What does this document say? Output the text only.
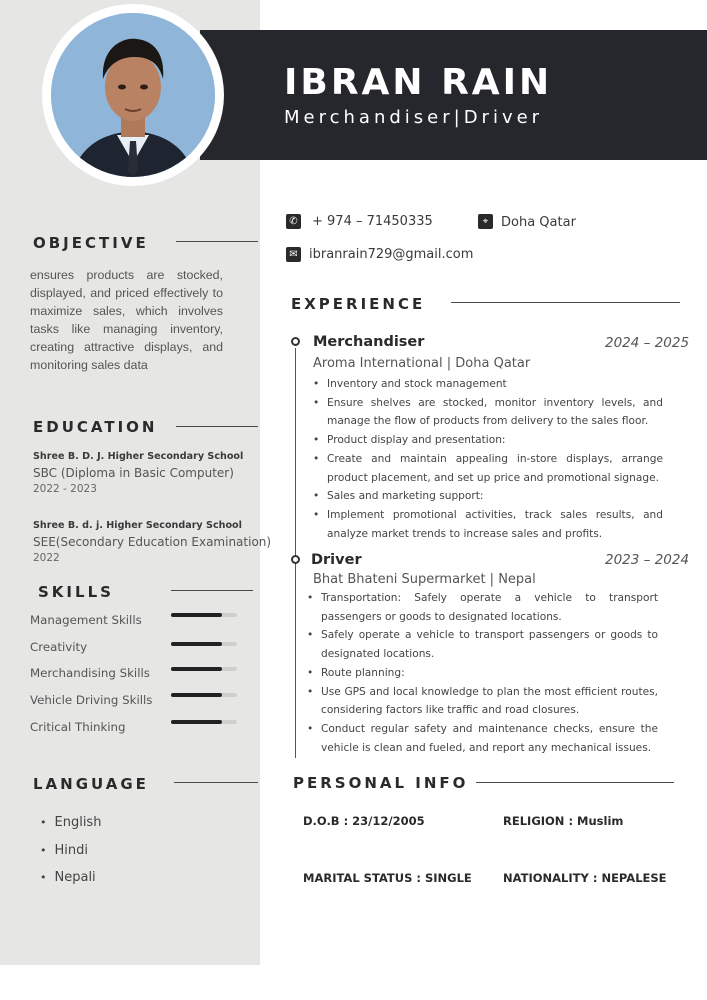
IBRAN RAIN
Merchandiser|Driver
✆ + 974 – 71450335	⌖ Doha Qatar
✉ ibranrain729@gmail.com
OBJECTIVE
ensures products are stocked, displayed, and priced effectively to maximize sales, which involves tasks like managing inventory, creating attractive displays, and monitoring sales data
EDUCATION
Shree B. D. J. Higher Secondary School
SBC (Diploma in Basic Computer)
2022 - 2023
Shree B. d. j. Higher Secondary School
SEE(Secondary Education Examination)
2022
SKILLS
Management Skills
Creativity
Merchandising Skills
Vehicle Driving Skills
Critical Thinking
LANGUAGE
• English
• Hindi
• Nepali
EXPERIENCE
Merchandiser	2024 – 2025
Aroma International | Doha Qatar
• Inventory and stock management
• Ensure shelves are stocked, monitor inventory levels, and manage the flow of products from delivery to the sales floor.
• Product display and presentation:
• Create and maintain appealing in-store displays, arrange product placement, and set up price and promotional signage.
• Sales and marketing support:
• Implement promotional activities, track sales results, and analyze market trends to increase sales and profits.
Driver	2023 – 2024
Bhat Bhateni Supermarket | Nepal
• Transportation: Safely operate a vehicle to transport passengers or goods to designated locations.
• Safely operate a vehicle to transport passengers or goods to designated locations.
• Route planning:
• Use GPS and local knowledge to plan the most efficient routes, considering factors like traffic and road closures.
• Conduct regular safety and maintenance checks, ensure the vehicle is clean and fueled, and report any mechanical issues.
PERSONAL INFO
D.O.B : 23/12/2005	RELIGION : Muslim
MARITAL STATUS : SINGLE	NATIONALITY : NEPALESE
